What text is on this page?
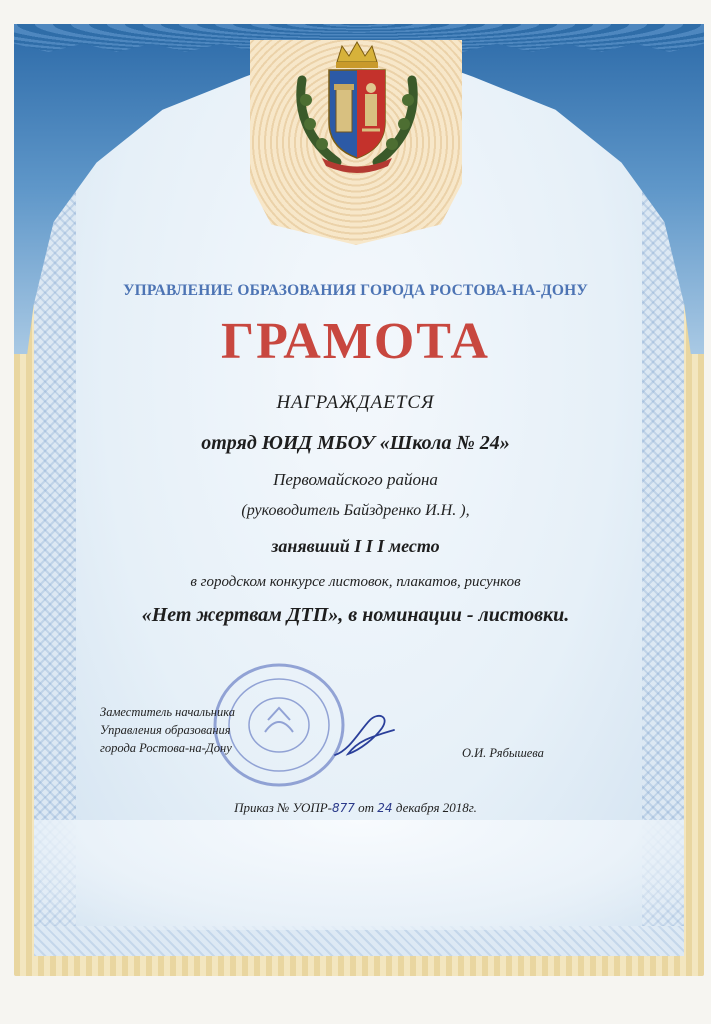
УПРАВЛЕНИЕ ОБРАЗОВАНИЯ ГОРОДА РОСТОВА-НА-ДОНУ
ГРАМОТА
НАГРАЖДАЕТСЯ
отряд ЮИД МБОУ «Школа № 24»
Первомайского района
(руководитель Байздренко И.Н. ),
занявший I I I место
в городском конкурсе листовок, плакатов, рисунков
«Нет жертвам ДТП», в номинации - листовки.
Заместитель начальника
Управления образования
города Ростова-на-Дону	О.И. Рябышева
Приказ № УОПР-877 от 24 декабря 2018г.
